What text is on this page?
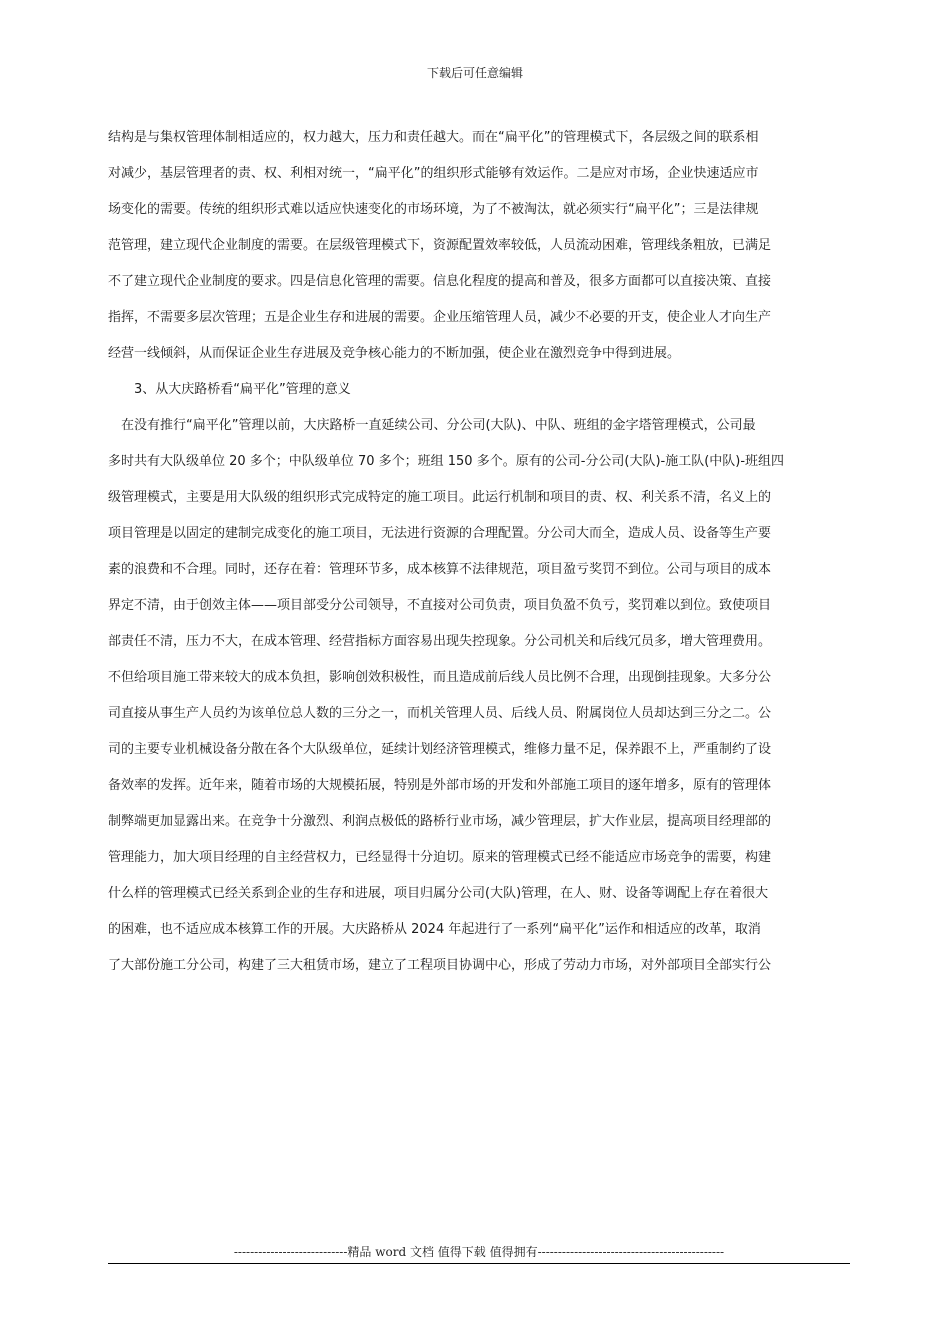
下载后可任意编辑

结构是与集权管理体制相适应的，权力越大，压力和责任越大。而在“扁平化”的管理模式下，各层级之间的联系相

对减少，基层管理者的责、权、利相对统一，“扁平化”的组织形式能够有效运作。二是应对市场，企业快速适应市

场变化的需要。传统的组织形式难以适应快速变化的市场环境，为了不被淘汰，就必须实行“扁平化”；三是法律规

范管理，建立现代企业制度的需要。在层级管理模式下，资源配置效率较低，人员流动困难，管理线条粗放，已满足

不了建立现代企业制度的要求。四是信息化管理的需要。信息化程度的提高和普及，很多方面都可以直接决策、直接

指挥，不需要多层次管理；五是企业生存和进展的需要。企业压缩管理人员，减少不必要的开支，使企业人才向生产

经营一线倾斜，从而保证企业生存进展及竞争核心能力的不断加强，使企业在激烈竞争中得到进展。

3、从大庆路桥看“扁平化”管理的意义

在没有推行“扁平化”管理以前，大庆路桥一直延续公司、分公司(大队)、中队、班组的金字塔管理模式，公司最

多时共有大队级单位 20 多个；中队级单位 70 多个；班组 150 多个。原有的公司-分公司(大队)-施工队(中队)-班组四

级管理模式，主要是用大队级的组织形式完成特定的施工项目。此运行机制和项目的责、权、利关系不清，名义上的

项目管理是以固定的建制完成变化的施工项目，无法进行资源的合理配置。分公司大而全，造成人员、设备等生产要

素的浪费和不合理。同时，还存在着：管理环节多，成本核算不法律规范，项目盈亏奖罚不到位。公司与项目的成本

界定不清，由于创效主体——项目部受分公司领导，不直接对公司负责，项目负盈不负亏，奖罚难以到位。致使项目

部责任不清，压力不大，在成本管理、经营指标方面容易出现失控现象。分公司机关和后线冗员多，增大管理费用。

不但给项目施工带来较大的成本负担，影响创效积极性，而且造成前后线人员比例不合理，出现倒挂现象。大多分公

司直接从事生产人员约为该单位总人数的三分之一，而机关管理人员、后线人员、附属岗位人员却达到三分之二。公

司的主要专业机械设备分散在各个大队级单位，延续计划经济管理模式，维修力量不足，保养跟不上，严重制约了设

备效率的发挥。近年来，随着市场的大规模拓展，特别是外部市场的开发和外部施工项目的逐年增多，原有的管理体

制弊端更加显露出来。在竞争十分激烈、利润点极低的路桥行业市场，减少管理层，扩大作业层，提高项目经理部的

管理能力，加大项目经理的自主经营权力，已经显得十分迫切。原来的管理模式已经不能适应市场竞争的需要，构建

什么样的管理模式已经关系到企业的生存和进展，项目归属分公司(大队)管理，在人、财、设备等调配上存在着很大

的困难，也不适应成本核算工作的开展。大庆路桥从 2024 年起进行了一系列“扁平化”运作和相适应的改革，取消

了大部份施工分公司，构建了三大租赁市场，建立了工程项目协调中心，形成了劳动力市场，对外部项目全部实行公

----------------------------精品 word 文档 值得下载 值得拥有----------------------------------------------
